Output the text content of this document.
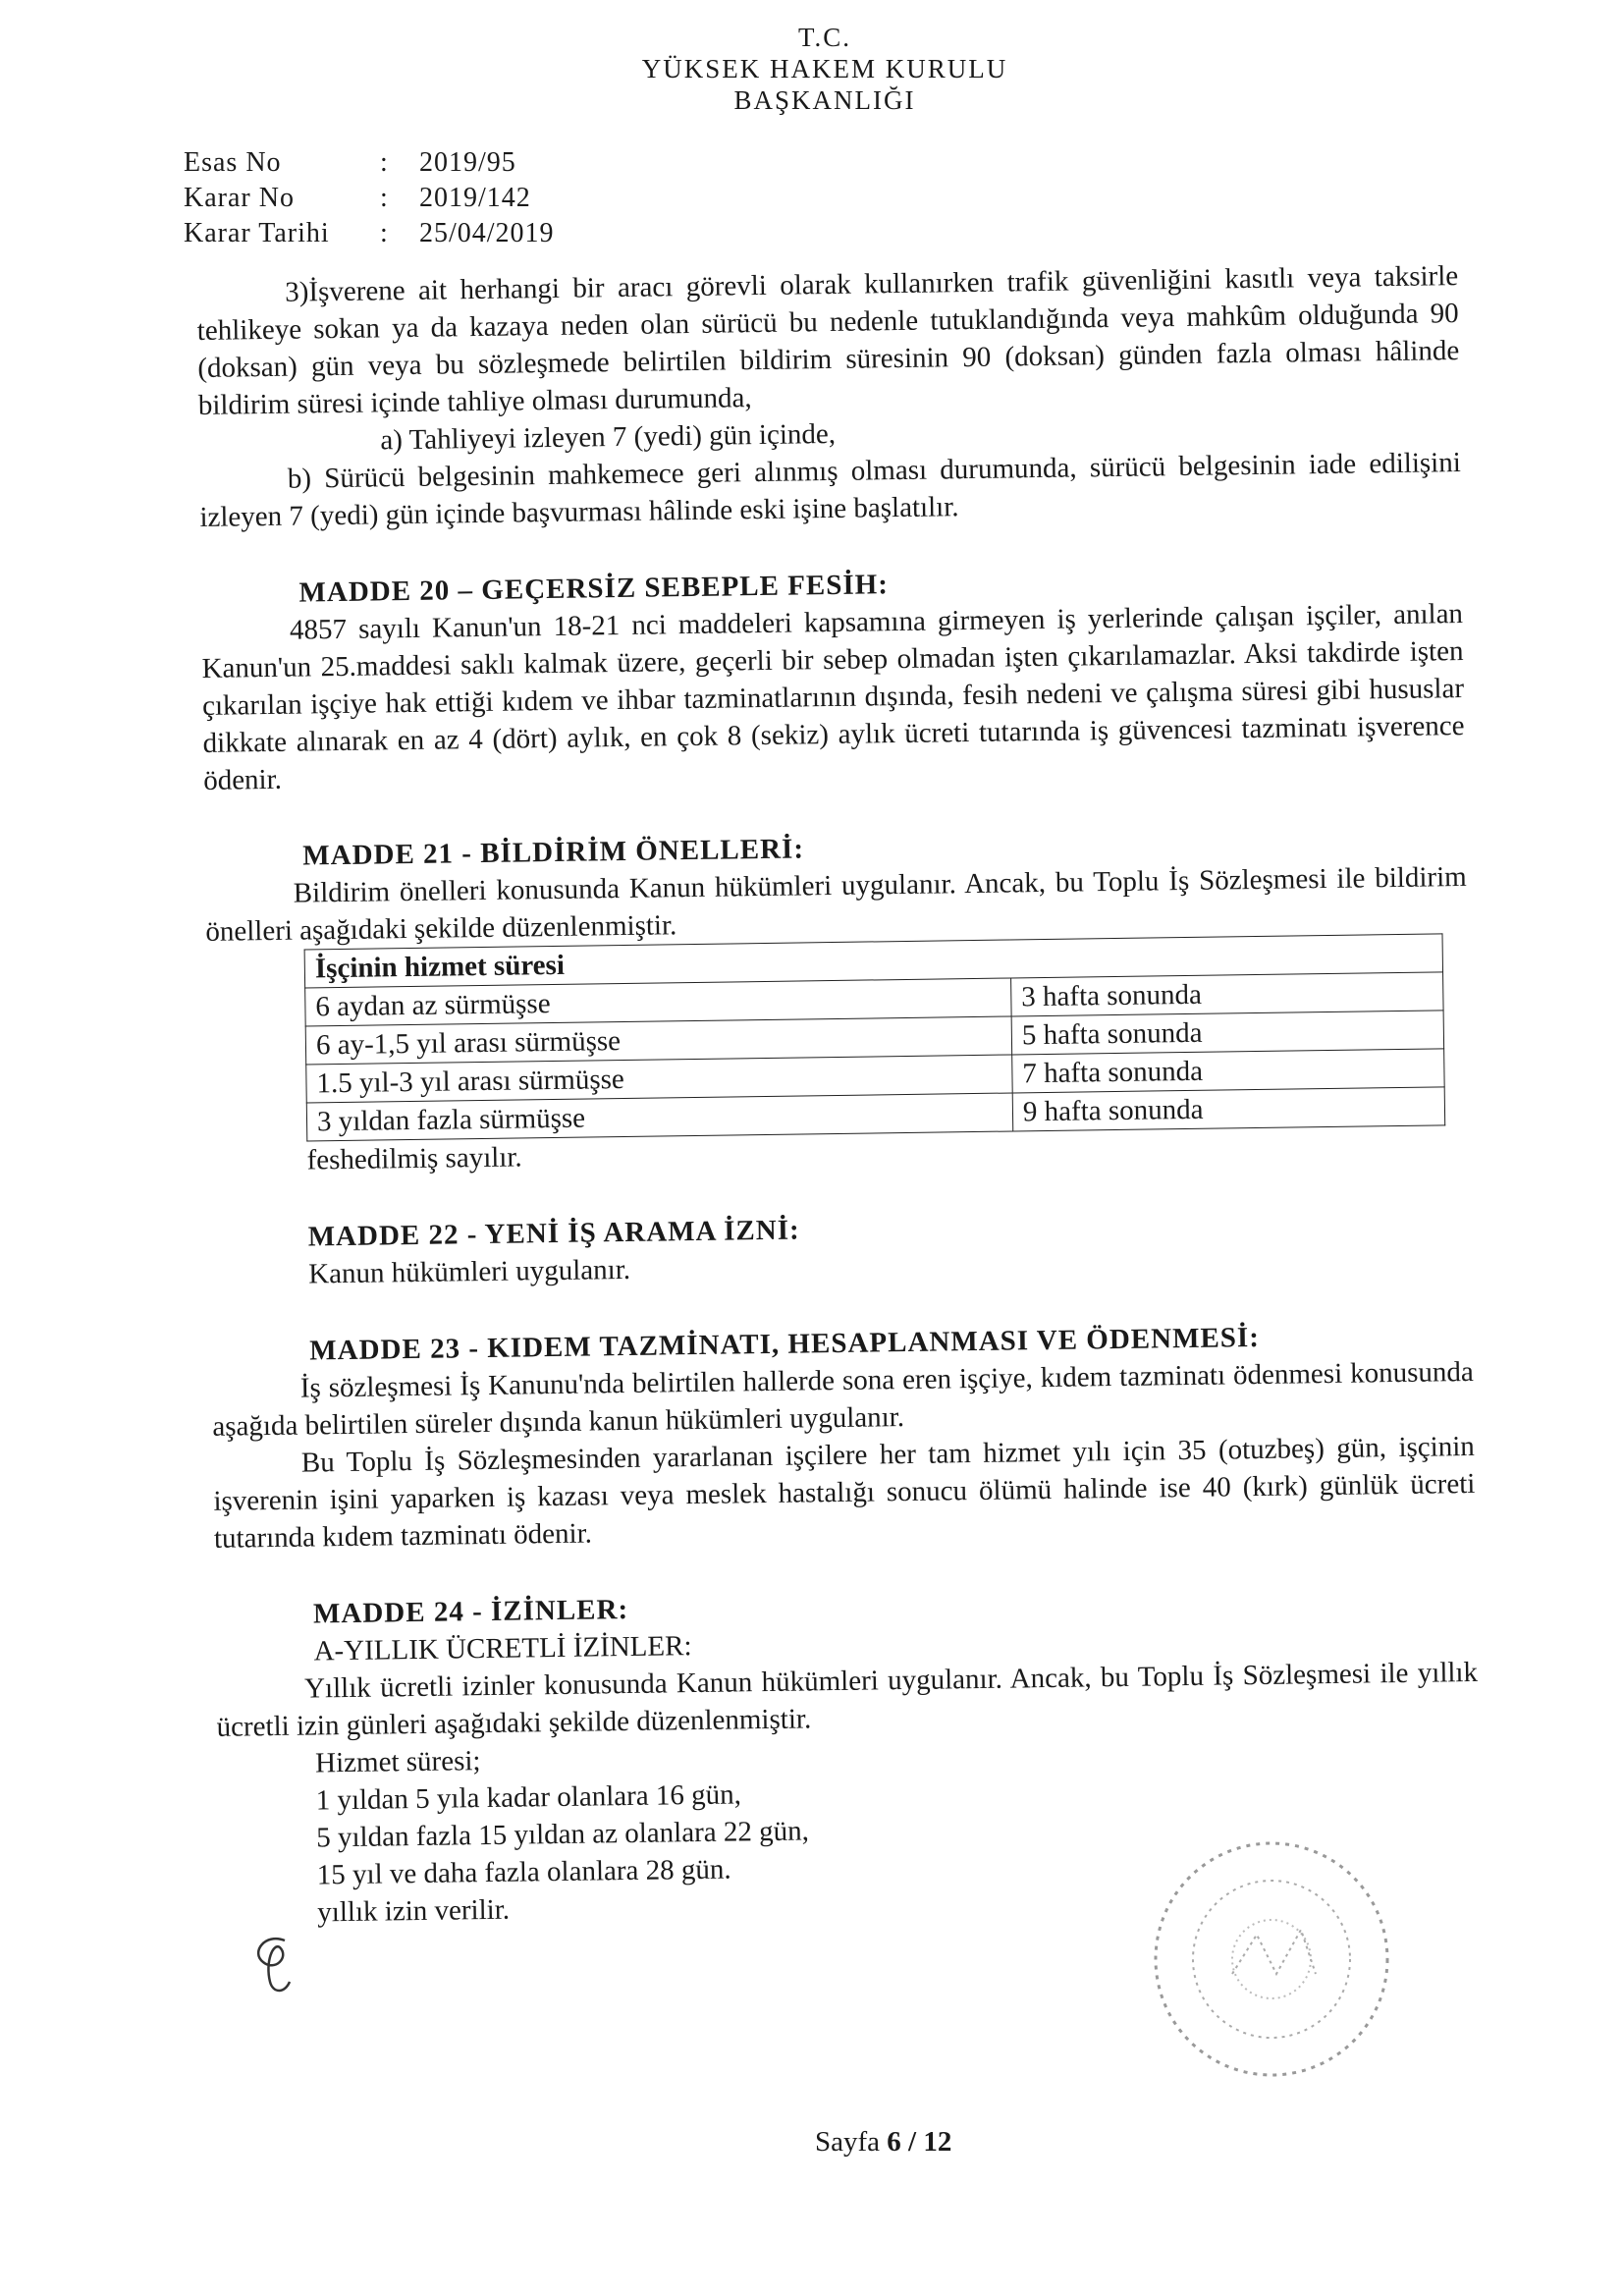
T.C.
YÜKSEK HAKEM KURULU
BAŞKANLIĞI
Esas No	:	2019/95
Karar No	:	2019/142
Karar Tarihi	:	25/04/2019

3)İşverene ait herhangi bir aracı görevli olarak kullanırken trafik güvenliğini kasıtlı veya taksirle tehlikeye sokan ya da kazaya neden olan sürücü bu nedenle tutuklandığında veya mahkûm olduğunda 90 (doksan) gün veya bu sözleşmede belirtilen bildirim süresinin 90 (doksan) günden fazla olması hâlinde bildirim süresi içinde tahliye olması durumunda,

a) Tahliyeyi izleyen 7 (yedi) gün içinde,

b) Sürücü belgesinin mahkemece geri alınmış olması durumunda, sürücü belgesinin iade edilişini izleyen 7 (yedi) gün içinde başvurması hâlinde eski işine başlatılır.

MADDE 20 – GEÇERSİZ SEBEPLE FESİH:

4857 sayılı Kanun'un 18-21 nci maddeleri kapsamına girmeyen iş yerlerinde çalışan işçiler, anılan Kanun'un 25.maddesi saklı kalmak üzere, geçerli bir sebep olmadan işten çıkarılamazlar. Aksi takdirde işten çıkarılan işçiye hak ettiği kıdem ve ihbar tazminatlarının dışında, fesih nedeni ve çalışma süresi gibi hususlar dikkate alınarak en az 4 (dört) aylık, en çok 8 (sekiz) aylık ücreti tutarında iş güvencesi tazminatı işverence ödenir.

MADDE 21 - BİLDİRİM ÖNELLERİ:

Bildirim önelleri konusunda Kanun hükümleri uygulanır. Ancak, bu Toplu İş Sözleşmesi ile bildirim önelleri aşağıdaki şekilde düzenlenmiştir.

İşçinin hizmet süresi	
6 aydan az sürmüşse	3 hafta sonunda
6 ay-1,5 yıl arası sürmüşse	5 hafta sonunda
1.5 yıl-3 yıl arası sürmüşse	7 hafta sonunda
3 yıldan fazla sürmüşse	9 hafta sonunda

feshedilmiş sayılır.

MADDE 22 - YENİ İŞ ARAMA İZNİ:

Kanun hükümleri uygulanır.

MADDE 23 - KIDEM TAZMİNATI, HESAPLANMASI VE ÖDENMESİ:

İş sözleşmesi İş Kanunu'nda belirtilen hallerde sona eren işçiye, kıdem tazminatı ödenmesi konusunda aşağıda belirtilen süreler dışında kanun hükümleri uygulanır.

Bu Toplu İş Sözleşmesinden yararlanan işçilere her tam hizmet yılı için 35 (otuzbeş) gün, işçinin işverenin işini yaparken iş kazası veya meslek hastalığı sonucu ölümü halinde ise 40 (kırk) günlük ücreti tutarında kıdem tazminatı ödenir.

MADDE 24 - İZİNLER:

A-YILLIK ÜCRETLİ İZİNLER:

Yıllık ücretli izinler konusunda Kanun hükümleri uygulanır. Ancak, bu Toplu İş Sözleşmesi ile yıllık ücretli izin günleri aşağıdaki şekilde düzenlenmiştir.

Hizmet süresi;

1 yıldan 5 yıla kadar olanlara 16 gün,

5 yıldan fazla 15 yıldan az olanlara 22 gün,

15 yıl ve daha fazla olanlara 28 gün.

yıllık izin verilir.

Sayfa 6 / 12
